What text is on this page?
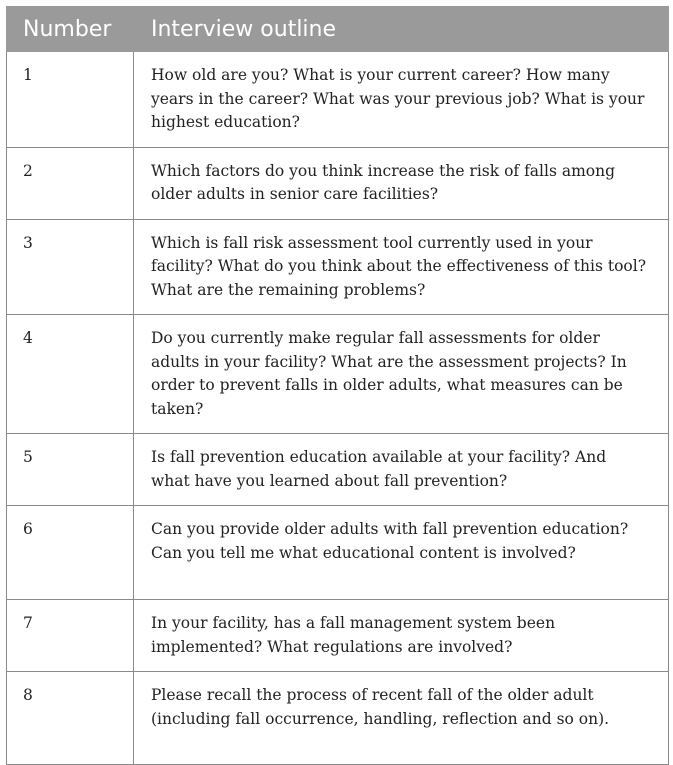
Number	Interview outline
1	How old are you? What is your current career? How many years in the career? What was your previous job? What is your highest education?
2	Which factors do you think increase the risk of falls among older adults in senior care facilities?
3	Which is fall risk assessment tool currently used in your facility? What do you think about the effectiveness of this tool? What are the remaining problems?
4	Do you currently make regular fall assessments for older adults in your facility? What are the assessment projects? In order to prevent falls in older adults, what measures can be taken?
5	Is fall prevention education available at your facility? And what have you learned about fall prevention?
6	Can you provide older adults with fall prevention education? Can you tell me what educational content is involved?
7	In your facility, has a fall management system been implemented? What regulations are involved?
8	Please recall the process of recent fall of the older adult (including fall occurrence, handling, reflection and so on).
